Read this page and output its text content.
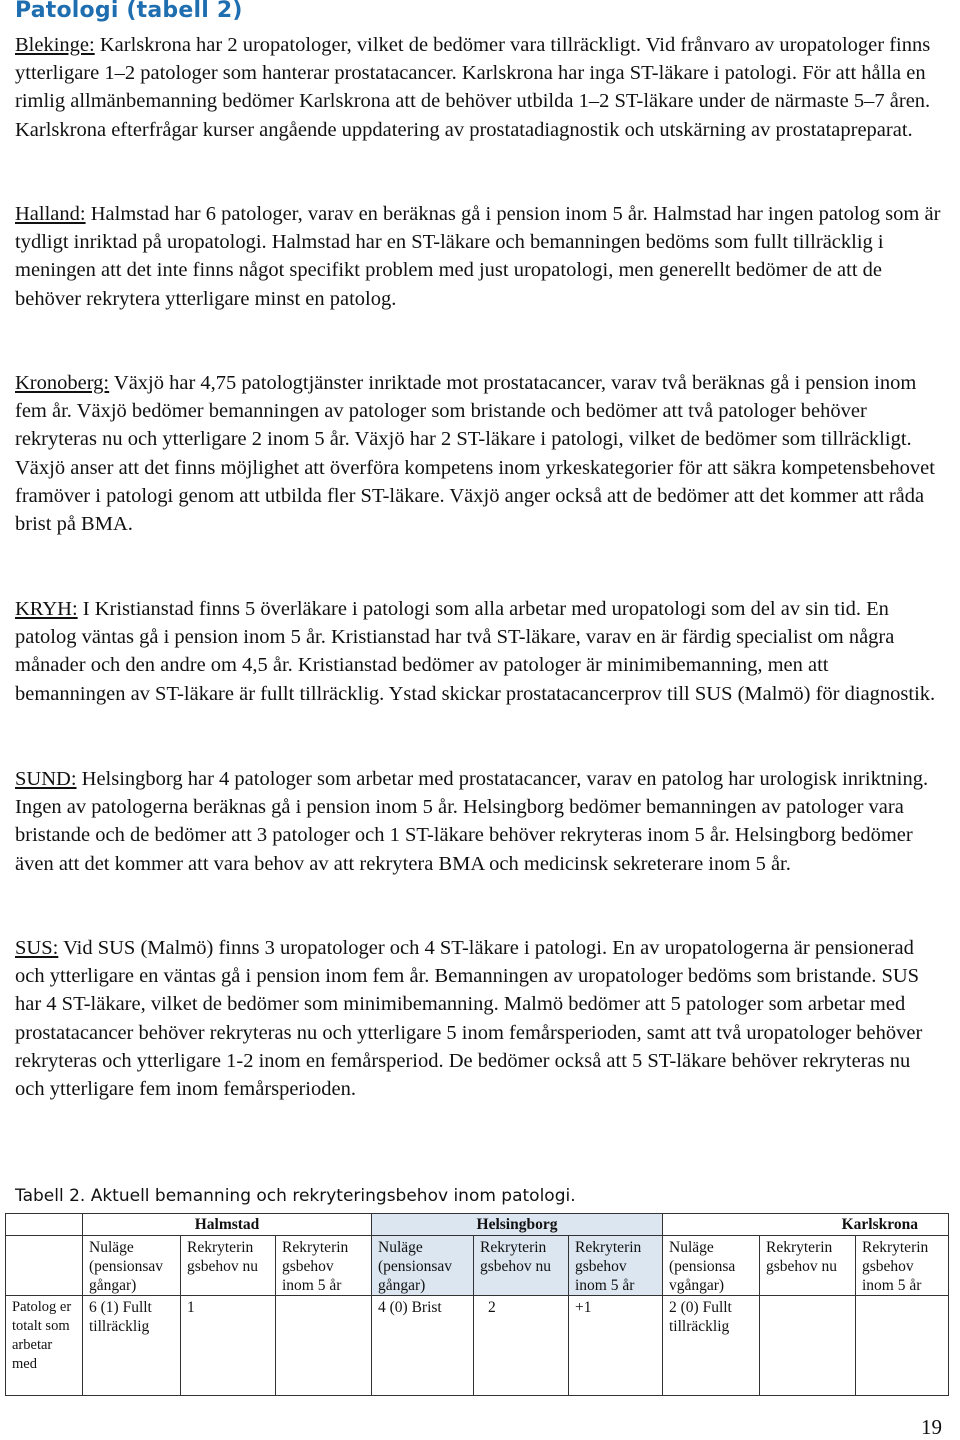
Patologi (tabell 2)

Blekinge: Karlskrona har 2 uropatologer, vilket de bedömer vara tillräckligt. Vid frånvaro av uropatologer finns ytterligare 1–2 patologer som hanterar prostatacancer. Karlskrona har inga ST-läkare i patologi. För att hålla en rimlig allmänbemanning bedömer Karlskrona att de behöver utbilda 1–2 ST-läkare under de närmaste 5–7 åren. Karlskrona efterfrågar kurser angående uppdatering av prostatadiagnostik och utskärning av prostatapreparat.

Halland: Halmstad har 6 patologer, varav en beräknas gå i pension inom 5 år. Halmstad har ingen patolog som är tydligt inriktad på uropatologi. Halmstad har en ST-läkare och bemanningen bedöms som fullt tillräcklig i meningen att det inte finns något specifikt problem med just uropatologi, men generellt bedömer de att de behöver rekrytera ytterligare minst en patolog.

Kronoberg: Växjö har 4,75 patologtjänster inriktade mot prostatacancer, varav två beräknas gå i pension inom fem år. Växjö bedömer bemanningen av patologer som bristande och bedömer att två patologer behöver rekryteras nu och ytterligare 2 inom 5 år. Växjö har 2 ST-läkare i patologi, vilket de bedömer som tillräckligt. Växjö anser att det finns möjlighet att överföra kompetens inom yrkeskategorier för att säkra kompetensbehovet framöver i patologi genom att utbilda fler ST-läkare. Växjö anger också att de bedömer att det kommer att råda brist på BMA.

KRYH: I Kristianstad finns 5 överläkare i patologi som alla arbetar med uropatologi som del av sin tid. En patolog väntas gå i pension inom 5 år. Kristianstad har två ST-läkare, varav en är färdig specialist om några månader och den andre om 4,5 år. Kristianstad bedömer av patologer är minimibemanning, men att bemanningen av ST-läkare är fullt tillräcklig. Ystad skickar prostatacancerprov till SUS (Malmö) för diagnostik.

SUND: Helsingborg har 4 patologer som arbetar med prostatacancer, varav en patolog har urologisk inriktning. Ingen av patologerna beräknas gå i pension inom 5 år. Helsingborg bedömer bemanningen av patologer vara bristande och de bedömer att 3 patologer och 1 ST-läkare behöver rekryteras inom 5 år. Helsingborg bedömer även att det kommer att vara behov av att rekrytera BMA och medicinsk sekreterare inom 5 år.

SUS: Vid SUS (Malmö) finns 3 uropatologer och 4 ST-läkare i patologi. En av uropatologerna är pensionerad och ytterligare en väntas gå i pension inom fem år. Bemanningen av uropatologer bedöms som bristande. SUS har 4 ST-läkare, vilket de bedömer som minimibemanning. Malmö bedömer att 5 patologer som arbetar med prostatacancer behöver rekryteras nu och ytterligare 5 inom femårsperioden, samt att två uropatologer behöver rekryteras och ytterligare 1-2 inom en femårsperiod. De bedömer också att 5 ST-läkare behöver rekryteras nu och ytterligare fem inom femårsperioden.

Tabell 2. Aktuell bemanning och rekryteringsbehov inom patologi.
	Halmstad			Helsingborg			Karlskrona		
	Nuläge (pensionsav gångar)	Rekryterin gsbehov nu	Rekryterin gsbehov inom 5 år	Nuläge (pensionsav gångar)	Rekryterin gsbehov nu	Rekryterin gsbehov inom 5 år	Nuläge (pensionsa vgångar)	Rekryterin gsbehov nu	Rekryterin gsbehov inom 5 år
Patolog er totalt som arbetar med	6 (1) Fullt tillräcklig	1		4 (0) Brist	2	+1	2 (0) Fullt tillräcklig		
19
